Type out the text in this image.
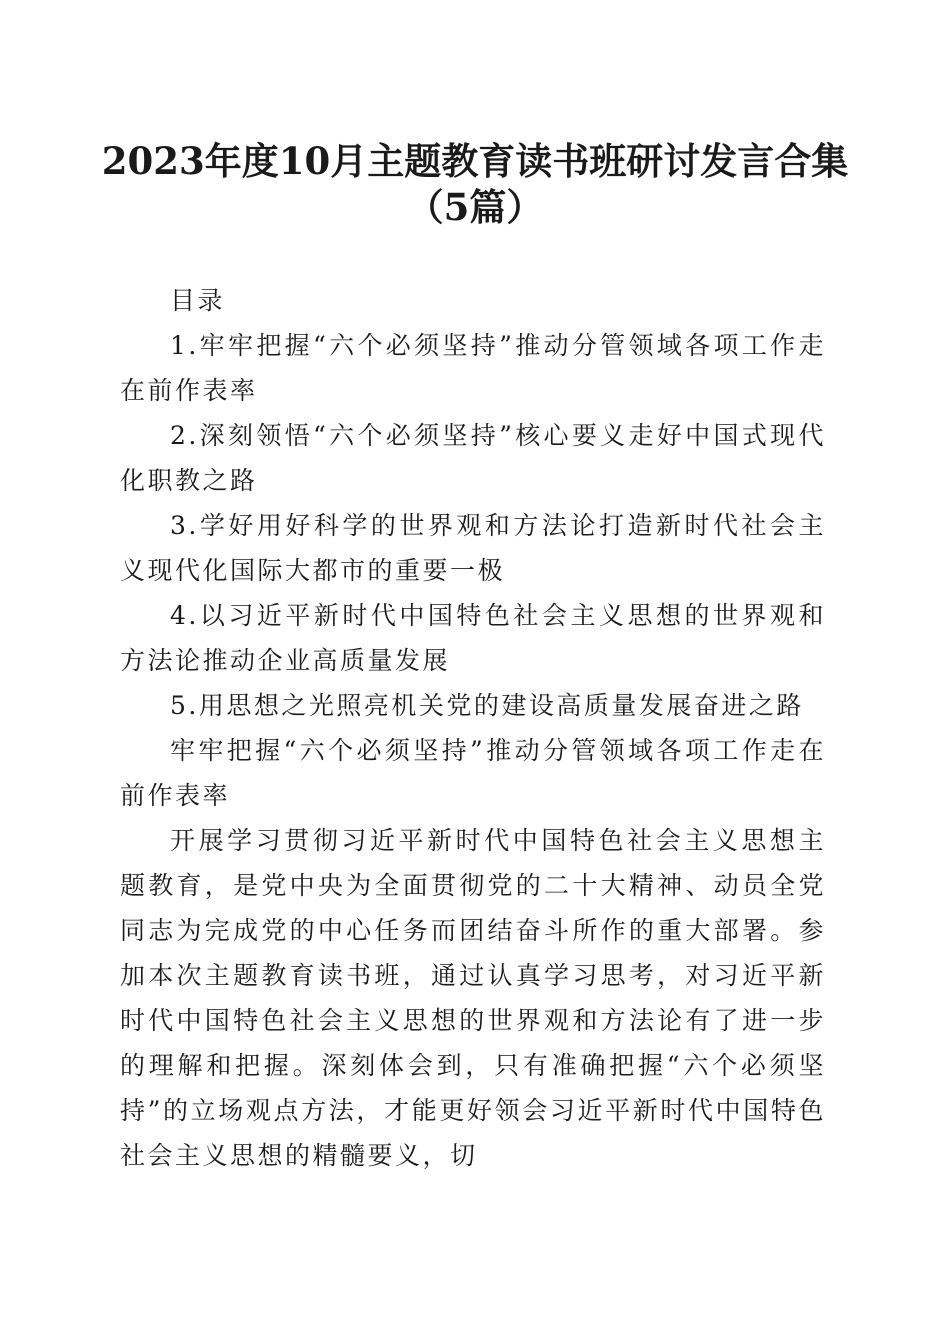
2023年度10月主题教育读书班研讨发言合集
（5篇）

目录

1.牢牢把握“六个必须坚持”推动分管领域各项工作走在前作表率

2.深刻领悟“六个必须坚持”核心要义走好中国式现代化职教之路

3.学好用好科学的世界观和方法论打造新时代社会主义现代化国际大都市的重要一极

4.以习近平新时代中国特色社会主义思想的世界观和方法论推动企业高质量发展

5.用思想之光照亮机关党的建设高质量发展奋进之路

牢牢把握“六个必须坚持”推动分管领域各项工作走在前作表率

开展学习贯彻习近平新时代中国特色社会主义思想主题教育，是党中央为全面贯彻党的二十大精神、动员全党同志为完成党的中心任务而团结奋斗所作的重大部署。参加本次主题教育读书班，通过认真学习思考，对习近平新时代中国特色社会主义思想的世界观和方法论有了进一步的理解和把握。深刻体会到，只有准确把握“六个必须坚持”的立场观点方法，才能更好领会习近平新时代中国特色社会主义思想的精髓要义，切
